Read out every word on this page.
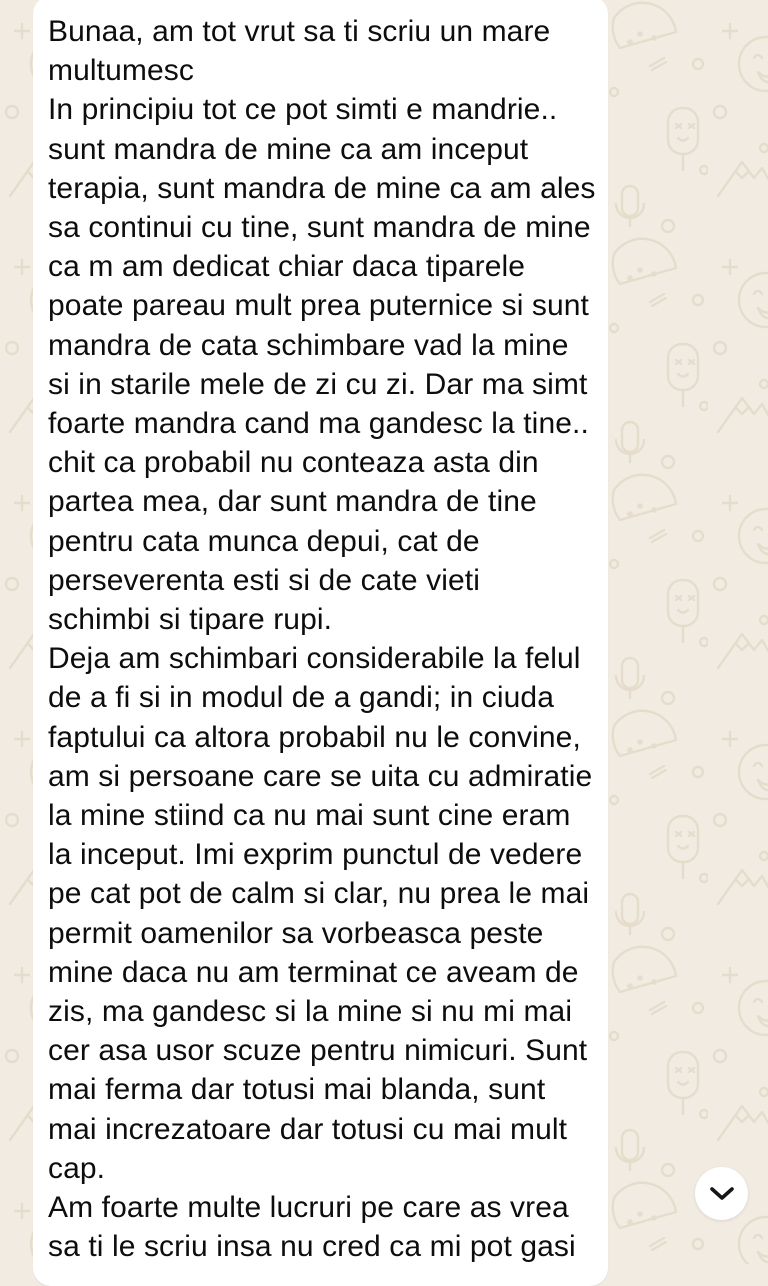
Bunaa, am tot vrut sa ti scriu un mare
multumesc
In principiu tot ce pot simti e mandrie..
sunt mandra de mine ca am inceput
terapia, sunt mandra de mine ca am ales
sa continui cu tine, sunt mandra de mine
ca m am dedicat chiar daca tiparele
poate pareau mult prea puternice si sunt
mandra de cata schimbare vad la mine
si in starile mele de zi cu zi. Dar ma simt
foarte mandra cand ma gandesc la tine..
chit ca probabil nu conteaza asta din
partea mea, dar sunt mandra de tine
pentru cata munca depui, cat de
perseverenta esti si de cate vieti
schimbi si tipare rupi.
Deja am schimbari considerabile la felul
de a fi si in modul de a gandi; in ciuda
faptului ca altora probabil nu le convine,
am si persoane care se uita cu admiratie
la mine stiind ca nu mai sunt cine eram
la inceput. Imi exprim punctul de vedere
pe cat pot de calm si clar, nu prea le mai
permit oamenilor sa vorbeasca peste
mine daca nu am terminat ce aveam de
zis, ma gandesc si la mine si nu mi mai
cer asa usor scuze pentru nimicuri. Sunt
mai ferma dar totusi mai blanda, sunt
mai increzatoare dar totusi cu mai mult
cap.
Am foarte multe lucruri pe care as vrea
sa ti le scriu insa nu cred ca mi pot gasi
